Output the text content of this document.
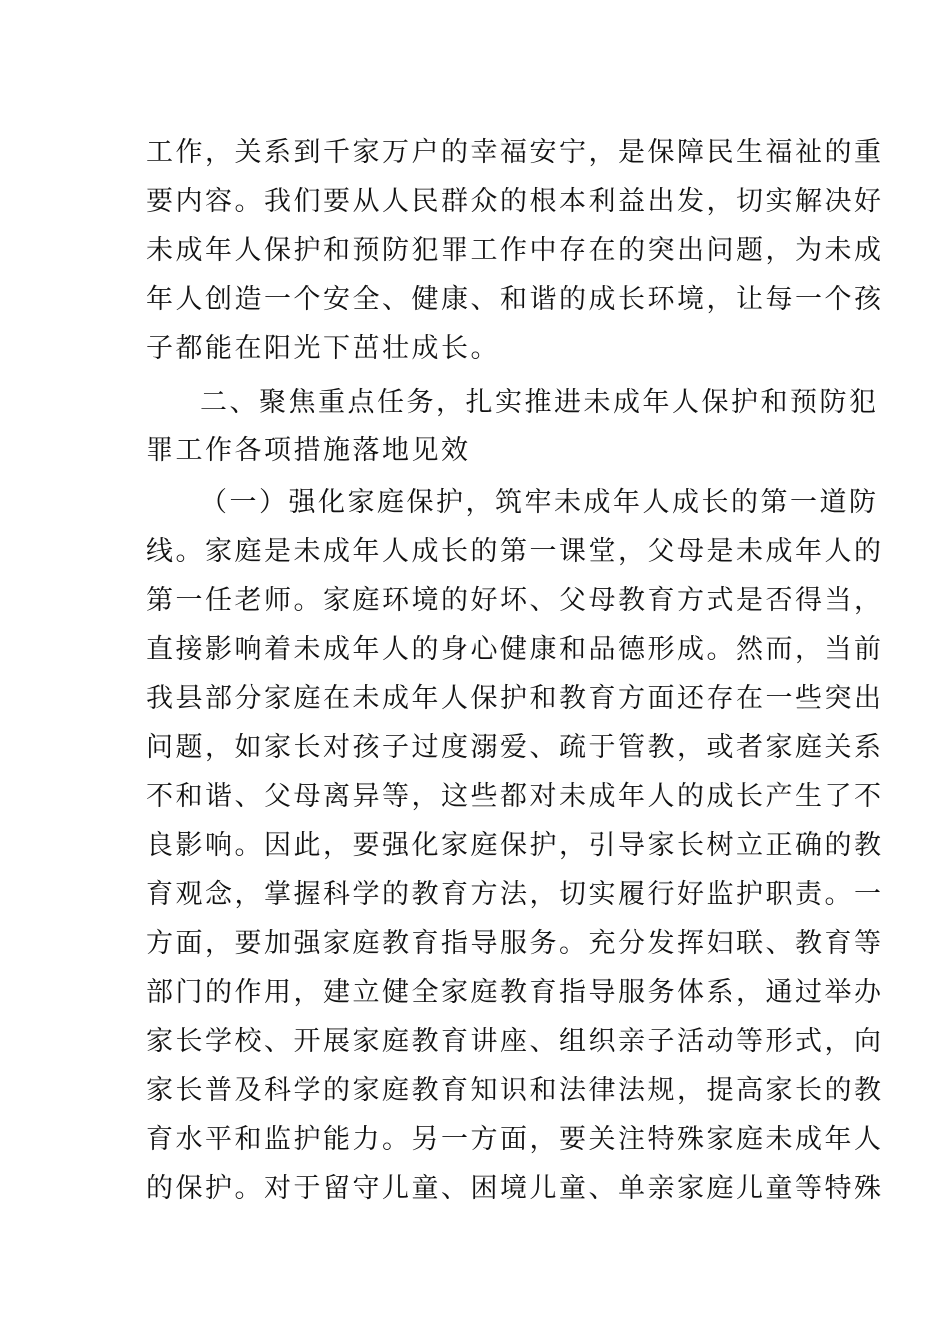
工作，关系到千家万户的幸福安宁，是保障民生福祉的重
要内容。我们要从人民群众的根本利益出发，切实解决好
未成年人保护和预防犯罪工作中存在的突出问题，为未成
年人创造一个安全、健康、和谐的成长环境，让每一个孩
子都能在阳光下茁壮成长。
二、聚焦重点任务，扎实推进未成年人保护和预防犯
罪工作各项措施落地见效
（一）强化家庭保护，筑牢未成年人成长的第一道防
线。家庭是未成年人成长的第一课堂，父母是未成年人的
第一任老师。家庭环境的好坏、父母教育方式是否得当，
直接影响着未成年人的身心健康和品德形成。然而，当前
我县部分家庭在未成年人保护和教育方面还存在一些突出
问题，如家长对孩子过度溺爱、疏于管教，或者家庭关系
不和谐、父母离异等，这些都对未成年人的成长产生了不
良影响。因此，要强化家庭保护，引导家长树立正确的教
育观念，掌握科学的教育方法，切实履行好监护职责。一
方面，要加强家庭教育指导服务。充分发挥妇联、教育等
部门的作用，建立健全家庭教育指导服务体系，通过举办
家长学校、开展家庭教育讲座、组织亲子活动等形式，向
家长普及科学的家庭教育知识和法律法规，提高家长的教
育水平和监护能力。另一方面，要关注特殊家庭未成年人
的保护。对于留守儿童、困境儿童、单亲家庭儿童等特殊
